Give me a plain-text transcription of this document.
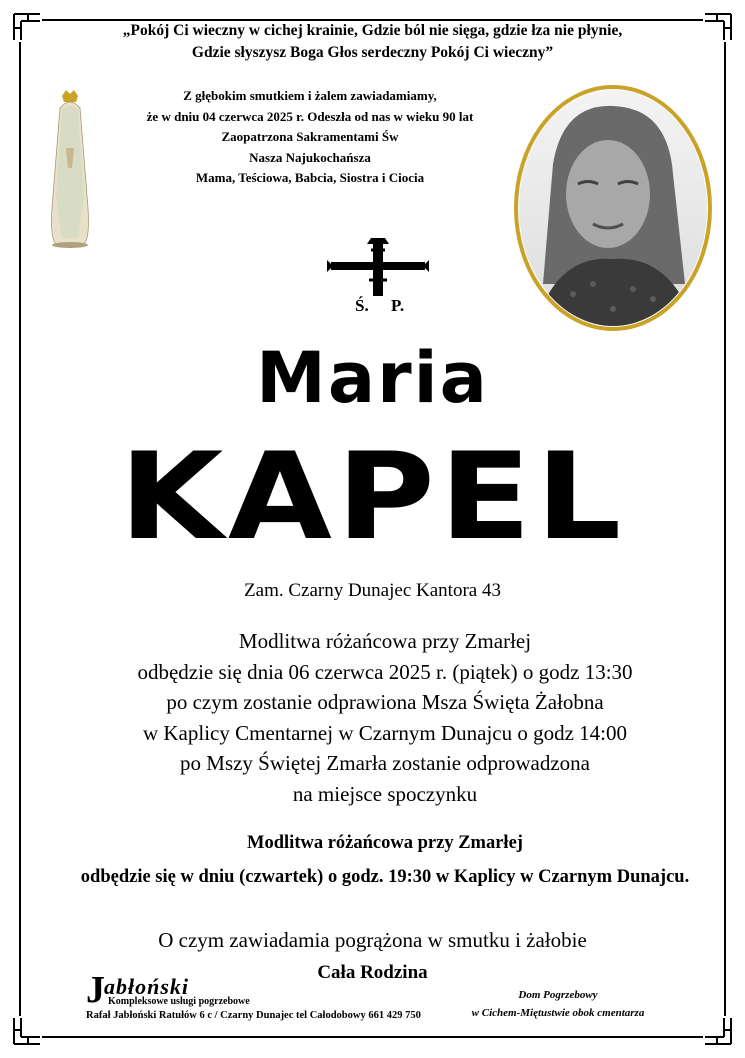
„Pokój Ci wieczny w cichej krainie, Gdzie ból nie sięga, gdzie łza nie płynie,
Gdzie słyszysz Boga Głos serdeczny Pokój Ci wieczny”
Z głębokim smutkiem i żalem zawiadamiamy,
że w dniu 04 czerwca 2025 r. Odeszła od nas w wieku 90 lat
Zaopatrzona Sakramentami Św
Nasza Najukochańsza
Mama, Teściowa, Babcia, Siostra i Ciocia
Ś. P.
Maria
KAPEL
Zam. Czarny Dunajec Kantora 43
Modlitwa różańcowa przy Zmarłej
odbędzie się dnia 06 czerwca 2025 r. (piątek) o godz 13:30
po czym zostanie odprawiona Msza Święta Żałobna
w Kaplicy Cmentarnej w Czarnym Dunajcu o godz 14:00
po Mszy Świętej Zmarła zostanie odprowadzona
na miejsce spoczynku
Modlitwa różańcowa przy Zmarłej
odbędzie się w dniu (czwartek) o godz. 19:30 w Kaplicy w Czarnym Dunajcu.
O czym zawiadamia pogrążona w smutku i żałobie
Cała Rodzina
J abłoński
Kompleksowe usługi pogrzebowe
Rafał Jabłoński Ratułów 6 c / Czarny Dunajec tel Całodobowy 661 429 750
Dom Pogrzebowy
w Cichem-Miętustwie obok cmentarza
